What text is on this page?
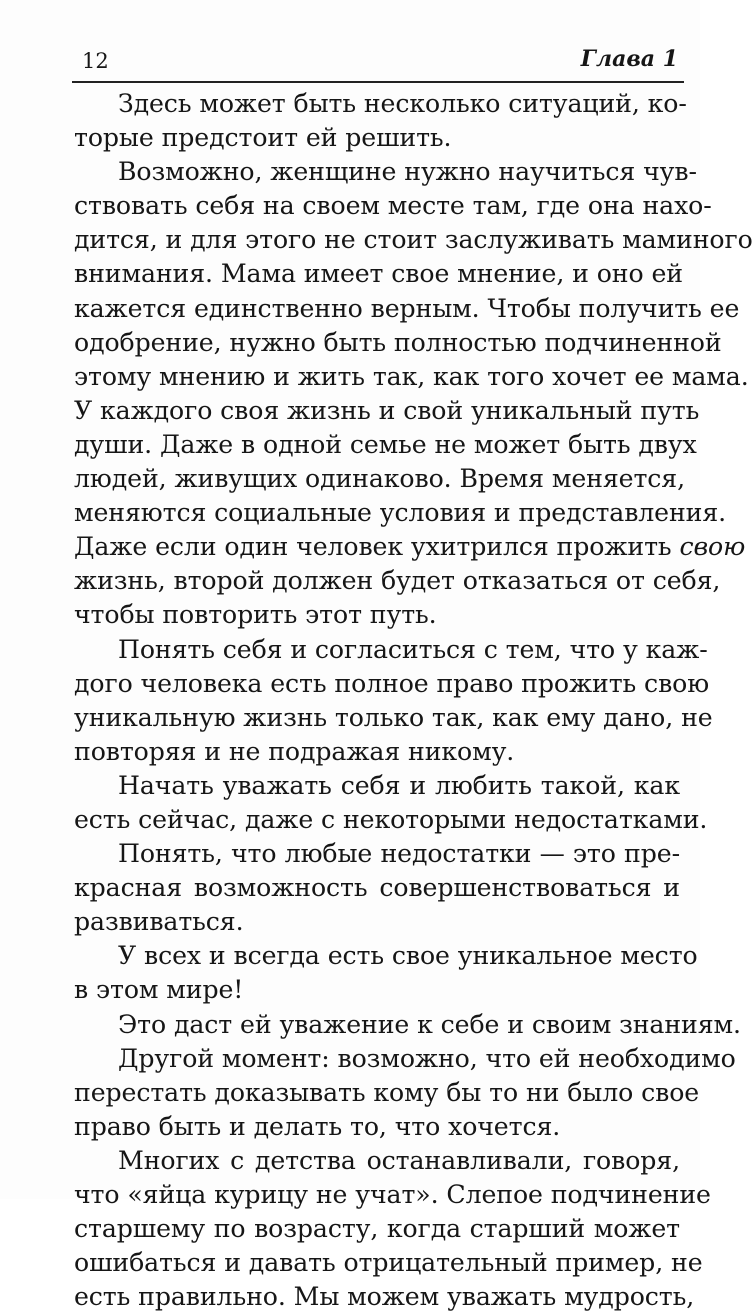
12	Глава 1
Здесь может быть несколько ситуаций, ко-
торые предстоит ей решить.
Возможно, женщине нужно научиться чув-
ствовать себя на своем месте там, где она нахо-
дится, и для этого не стоит заслуживать маминого
внимания. Мама имеет свое мнение, и оно ей
кажется единственно верным. Чтобы получить ее
одобрение, нужно быть полностью подчиненной
этому мнению и жить так, как того хочет ее мама.
У каждого своя жизнь и свой уникальный путь
души. Даже в одной семье не может быть двух
людей, живущих одинаково. Время меняется,
меняются социальные условия и представления.
Даже если один человек ухитрился прожить свою
жизнь, второй должен будет отказаться от себя,
чтобы повторить этот путь.
Понять себя и согласиться с тем, что у каж-
дого человека есть полное право прожить свою
уникальную жизнь только так, как ему дано, не
повторяя и не подражая никому.
Начать уважать себя и любить такой, как
есть сейчас, даже с некоторыми недостатками.
Понять, что любые недостатки — это пре-
красная возможность совершенствоваться и
развиваться.
У всех и всегда есть свое уникальное место
в этом мире!
Это даст ей уважение к себе и своим знаниям.
Другой момент: возможно, что ей необходимо
перестать доказывать кому бы то ни было свое
право быть и делать то, что хочется.
Многих с детства останавливали, говоря,
что «яйца курицу не учат». Слепое подчинение
старшему по возрасту, когда старший может
ошибаться и давать отрицательный пример, не
есть правильно. Мы можем уважать мудрость,
